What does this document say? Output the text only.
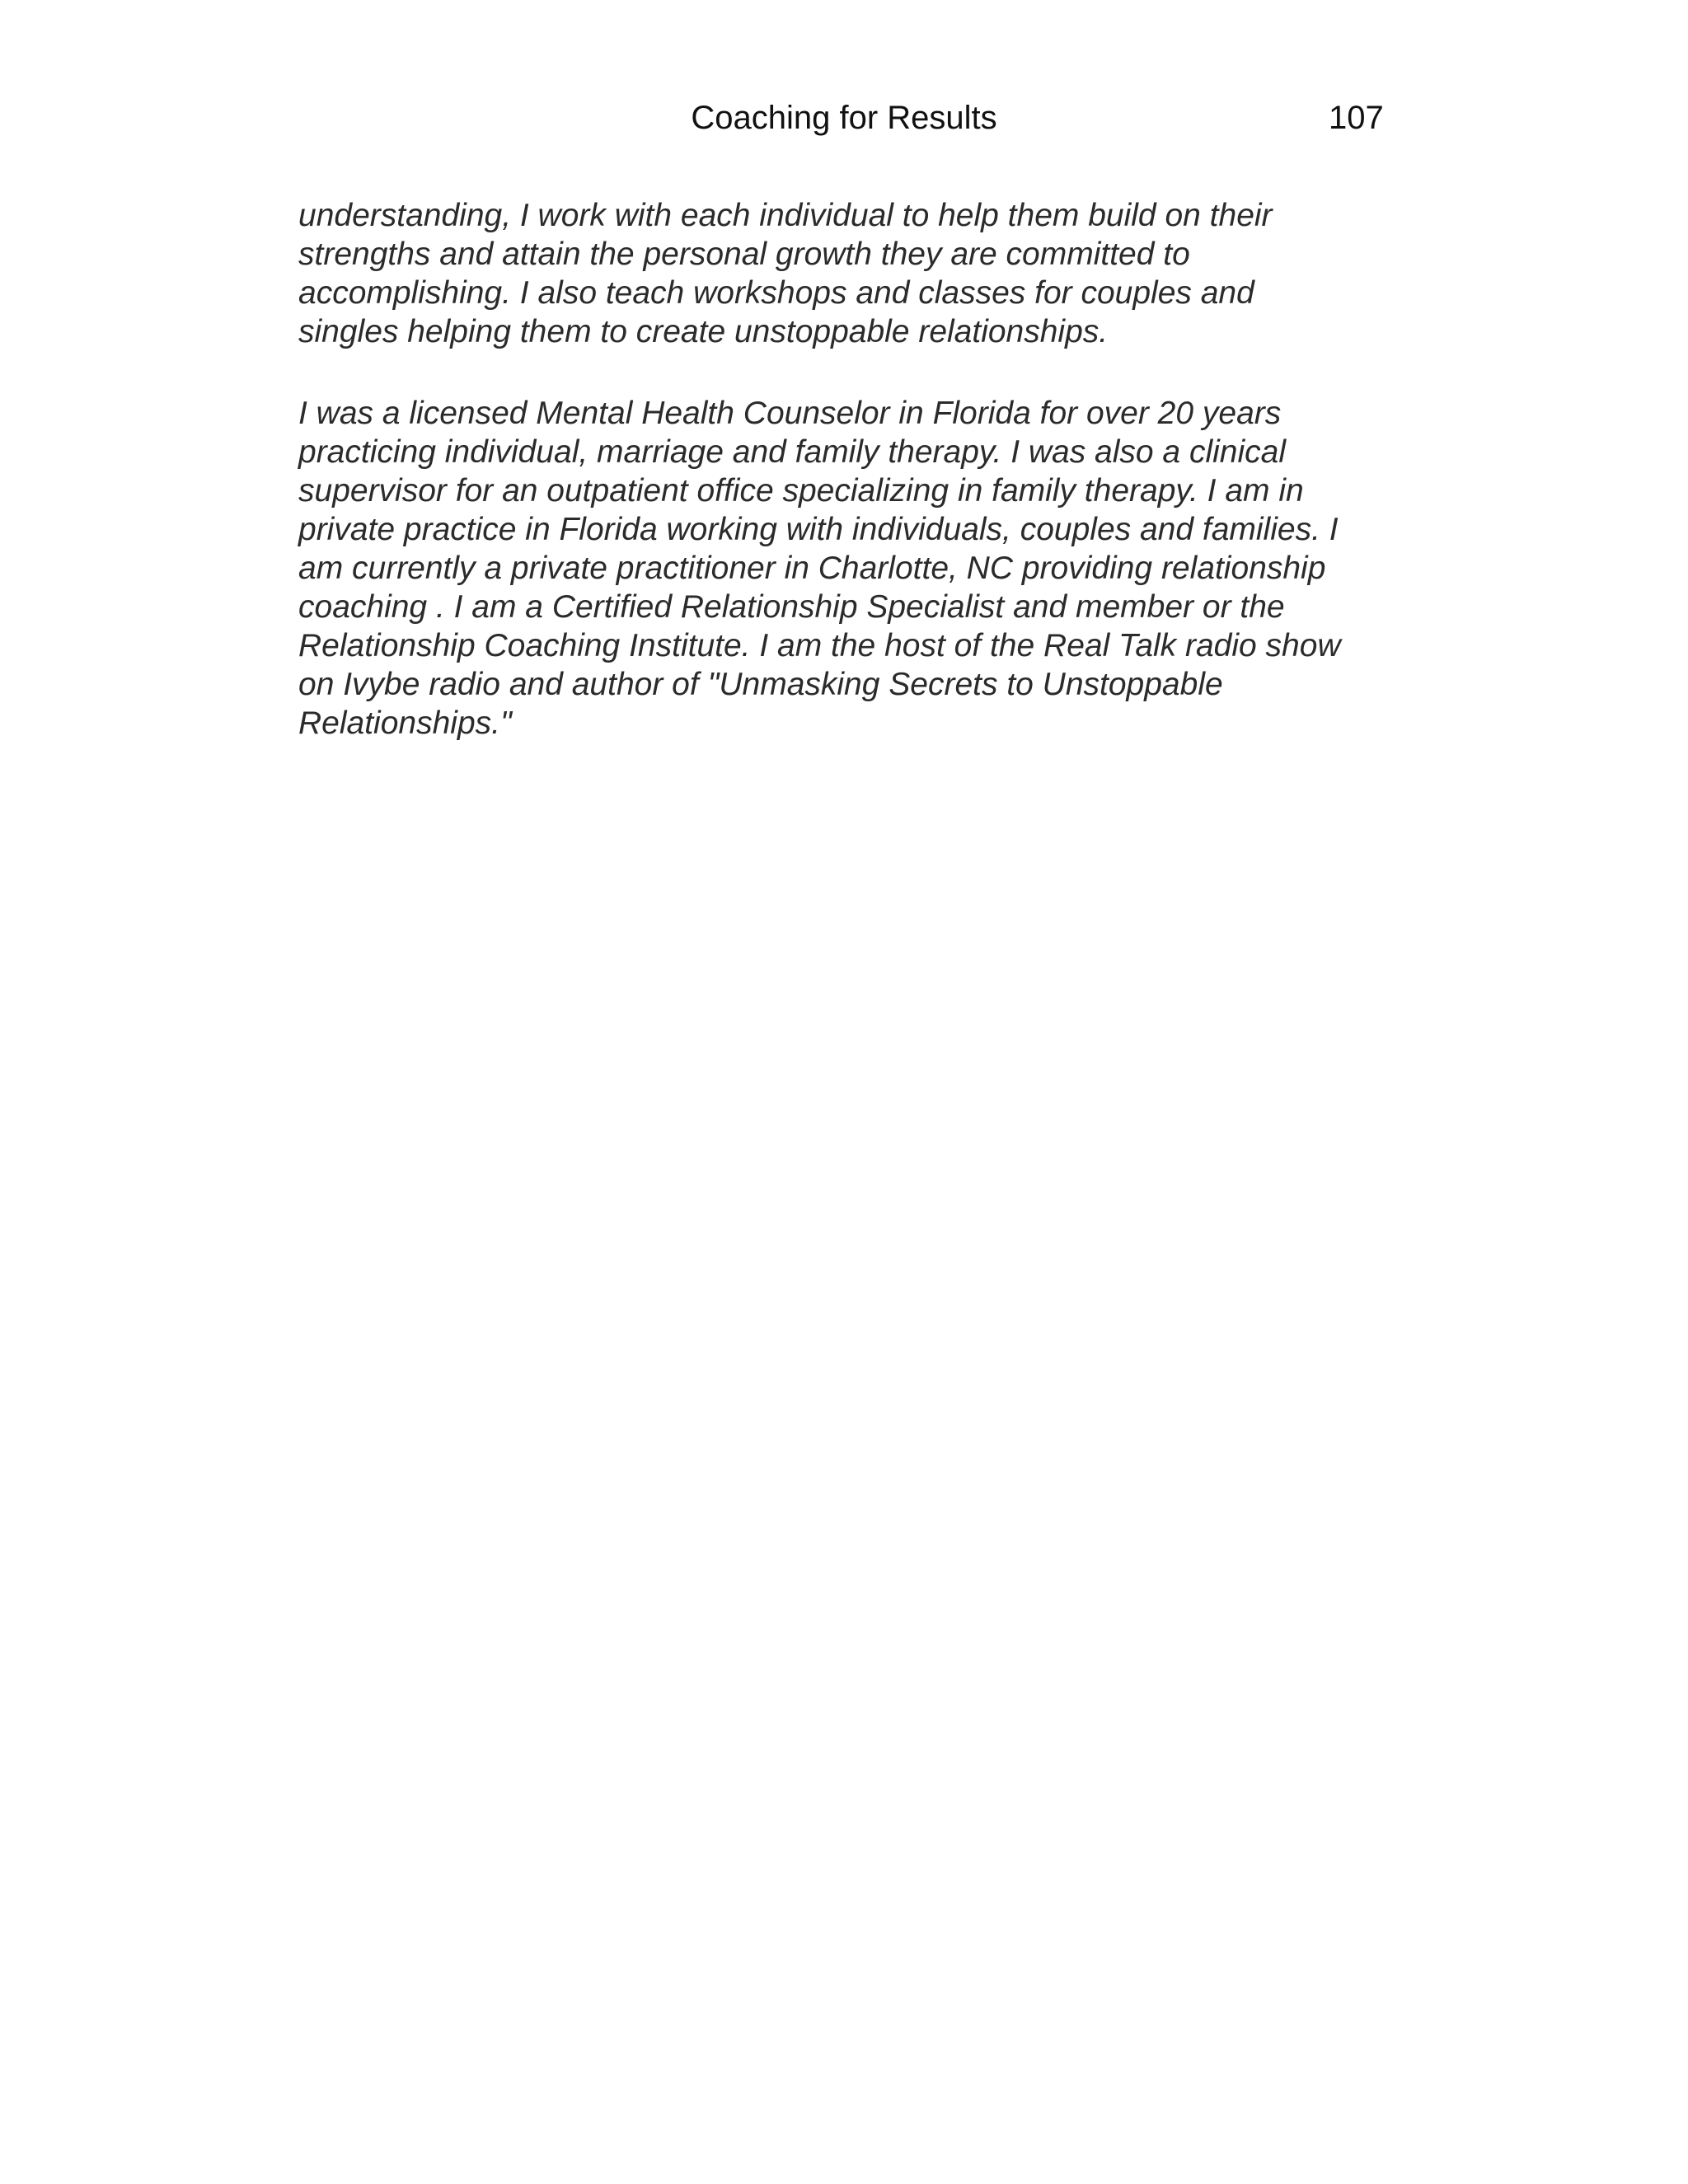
Coaching for Results	107

understanding, I work with each individual to help them build on their
strengths and attain the personal growth they are committed to
accomplishing. I also teach workshops and classes for couples and
singles helping them to create unstoppable relationships.

I was a licensed Mental Health Counselor in Florida for over 20 years
practicing individual, marriage and family therapy. I was also a clinical
supervisor for an outpatient office specializing in family therapy. I am in
private practice in Florida working with individuals, couples and families. I
am currently a private practitioner in Charlotte, NC providing relationship
coaching . I am a Certified Relationship Specialist and member or the
Relationship Coaching Institute. I am the host of the Real Talk radio show
on Ivybe radio and author of "Unmasking Secrets to Unstoppable
Relationships."
